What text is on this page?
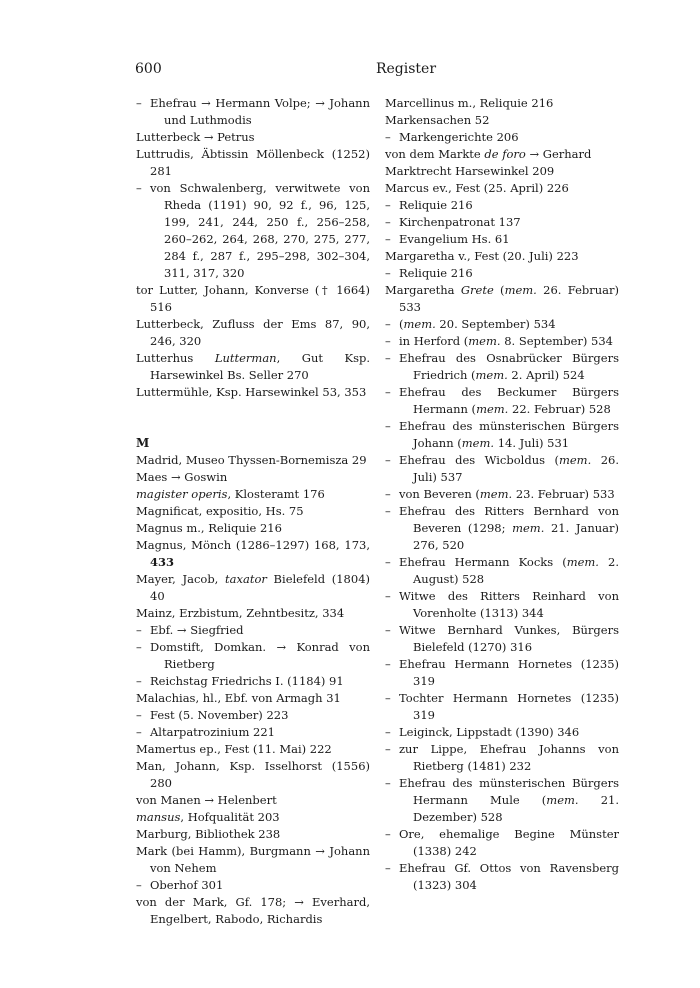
600	Register
– Ehefrau → Hermann Volpe; → Johann und Luthmodis
Lutterbeck → Petrus
Luttrudis, Äbtissin Möllenbeck (1252) 281
– von Schwalenberg, verwitwete von Rheda (1191) 90, 92 f., 96, 125, 199, 241, 244, 250 f., 256–258, 260–262, 264, 268, 270, 275, 277, 284 f., 287 f., 295–298, 302–304, 311, 317, 320
tor Lutter, Johann, Konverse († 1664) 516
Lutterbeck, Zufluss der Ems 87, 90, 246, 320
Lutterhus Lutterman, Gut Ksp. Harsewinkel Bs. Seller 270
Luttermühle, Ksp. Harsewinkel 53, 353
M
Madrid, Museo Thyssen-Bornemisza 29
Maes → Goswin
magister operis, Klosteramt 176
Magnificat, expositio, Hs. 75
Magnus m., Reliquie 216
Magnus, Mönch (1286–1297) 168, 173, 433
Mayer, Jacob, taxator Bielefeld (1804) 40
Mainz, Erzbistum, Zehntbesitz, 334
– Ebf. → Siegfried
– Domstift, Domkan. → Konrad von Rietberg
– Reichstag Friedrichs I. (1184) 91
Malachias, hl., Ebf. von Armagh 31
– Fest (5. November) 223
– Altarpatrozinium 221
Mamertus ep., Fest (11. Mai) 222
Man, Johann, Ksp. Isselhorst (1556) 280
von Manen → Helenbert
mansus, Hofqualität 203
Marburg, Bibliothek 238
Mark (bei Hamm), Burgmann → Johann von Nehem
– Oberhof 301
von der Mark, Gf. 178; → Everhard, Engelbert, Rabodo, Richardis
Marcellinus m., Reliquie 216
Markensachen 52
– Markengerichte 206
von dem Markte de foro → Gerhard
Marktrecht Harsewinkel 209
Marcus ev., Fest (25. April) 226
– Reliquie 216
– Kirchenpatronat 137
– Evangelium Hs. 61
Margaretha v., Fest (20. Juli) 223
– Reliquie 216
Margaretha Grete (mem. 26. Februar) 533
– (mem. 20. September) 534
– in Herford (mem. 8. September) 534
– Ehefrau des Osnabrücker Bürgers Friedrich (mem. 2. April) 524
– Ehefrau des Beckumer Bürgers Hermann (mem. 22. Februar) 528
– Ehefrau des münsterischen Bürgers Johann (mem. 14. Juli) 531
– Ehefrau des Wicboldus (mem. 26. Juli) 537
– von Beveren (mem. 23. Februar) 533
– Ehefrau des Ritters Bernhard von Beveren (1298; mem. 21. Januar) 276, 520
– Ehefrau Hermann Kocks (mem. 2. August) 528
– Witwe des Ritters Reinhard von Vorenholte (1313) 344
– Witwe Bernhard Vunkes, Bürgers Bielefeld (1270) 316
– Ehefrau Hermann Hornetes (1235) 319
– Tochter Hermann Hornetes (1235) 319
– Leiginck, Lippstadt (1390) 346
– zur Lippe, Ehefrau Johanns von Rietberg (1481) 232
– Ehefrau des münsterischen Bürgers Hermann Mule (mem. 21. Dezember) 528
– Ore, ehemalige Begine Münster (1338) 242
– Ehefrau Gf. Ottos von Ravensberg (1323) 304
